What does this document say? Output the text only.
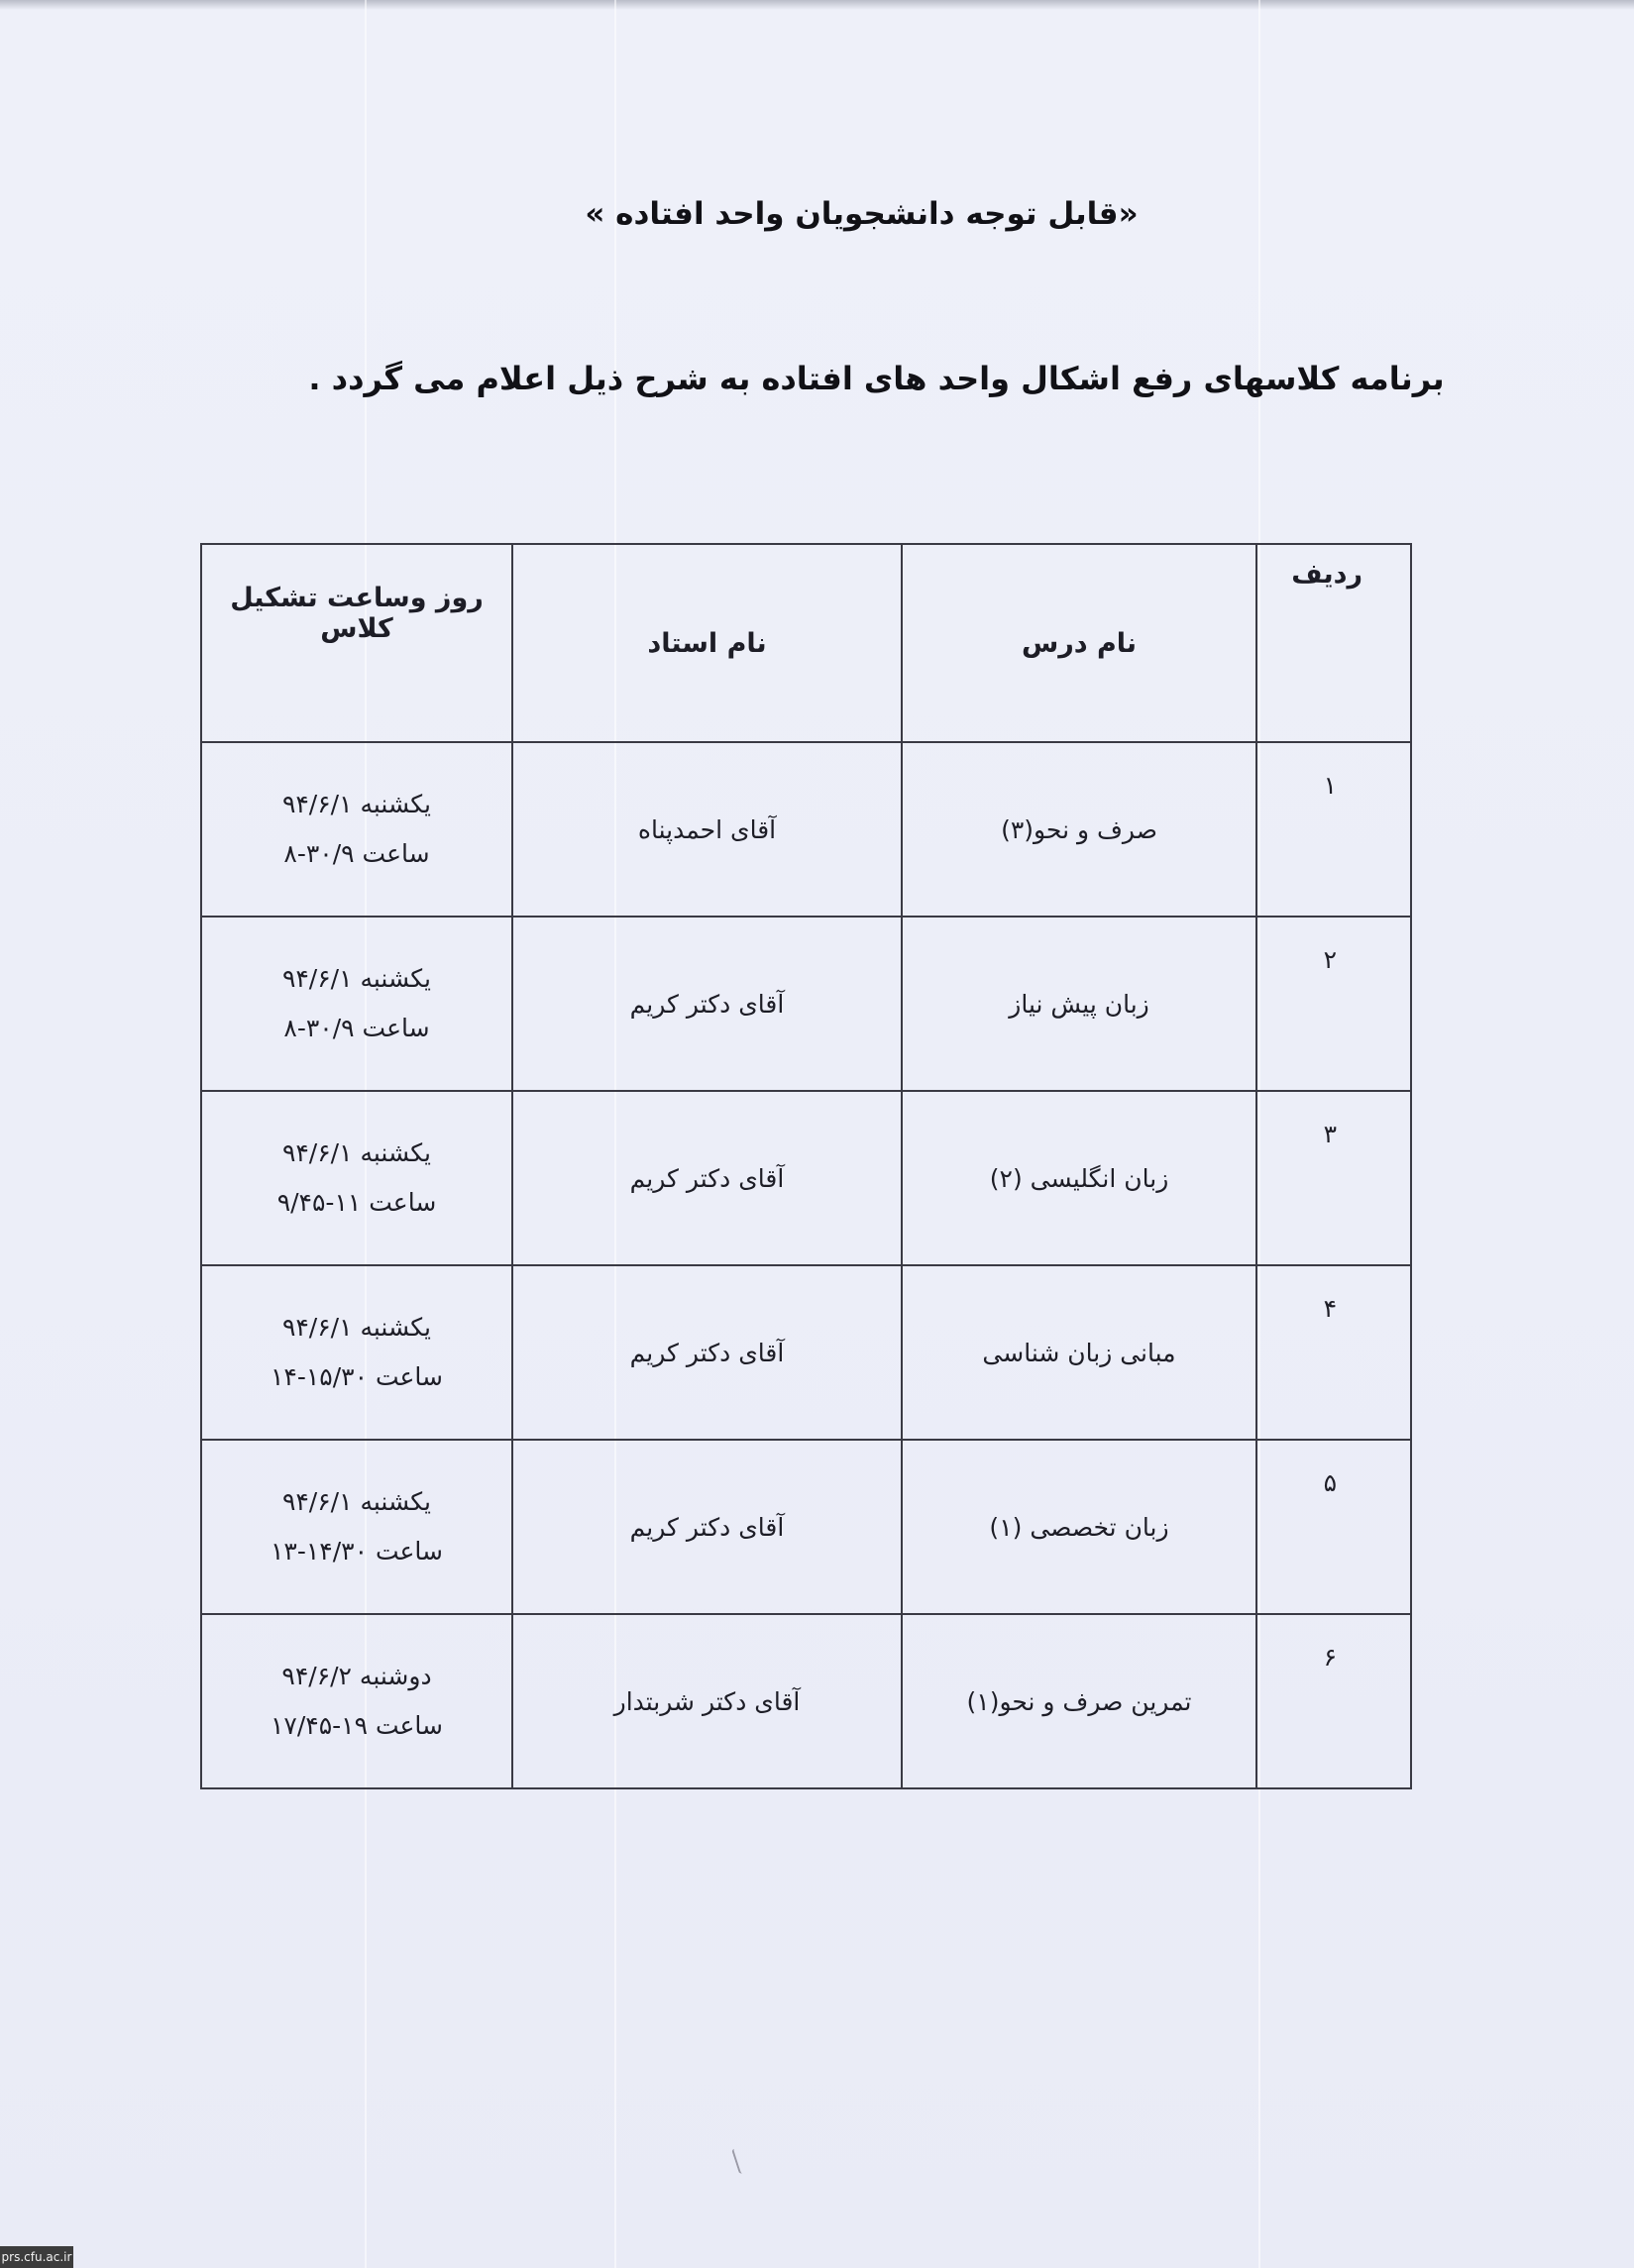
«قابل توجه دانشجویان واحد افتاده »
برنامه کلاسهای رفع اشکال واحد های افتاده به شرح ذیل اعلام می گردد .
ردیف	نام درس	نام استاد	روز وساعت تشکیل کلاس
۱	صرف و نحو(۳)	آقای احمدپناه	یکشنبه ۹۴/۶/۱
ساعت ۳۰/۹-۸

۲	زبان پیش نیاز	آقای دکتر کریم	یکشنبه ۹۴/۶/۱
ساعت ۳۰/۹-۸

۳	زبان انگلیسی (۲)	آقای دکتر کریم	یکشنبه ۹۴/۶/۱
ساعت ۱۱-۹/۴۵

۴	مبانی زبان شناسی	آقای دکتر کریم	یکشنبه ۹۴/۶/۱
ساعت ۱۵/۳۰-۱۴

۵	زبان تخصصی (۱)	آقای دکتر کریم	یکشنبه ۹۴/۶/۱
ساعت ۱۴/۳۰-۱۳

۶	تمرین صرف و نحو(۱)	آقای دکتر شربتدار	دوشنبه ۹۴/۶/۲
ساعت ۱۹-۱۷/۴۵
prs.cfu.ac.ir
